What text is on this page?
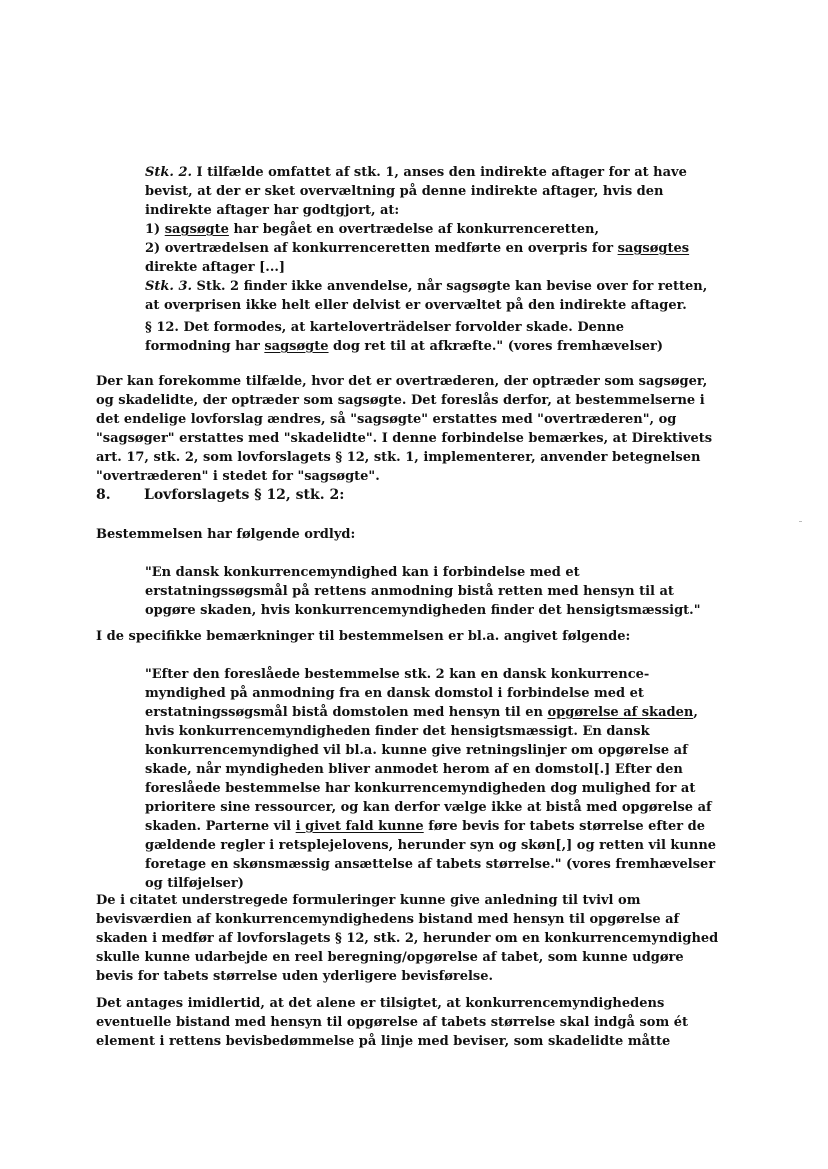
Stk. 2. I tilfælde omfattet af stk. 1, anses den indirekte aftager for at have
bevist, at der er sket overvæltning på denne indirekte aftager, hvis den
indirekte aftager har godtgjort, at:
1) sagsøgte har begået en overtrædelse af konkurrenceretten,
2) overtrædelsen af konkurrenceretten medførte en overpris for sagsøgtes
direkte aftager [...]
Stk. 3. Stk. 2 finder ikke anvendelse, når sagsøgte kan bevise over for retten,
at overprisen ikke helt eller delvist er overvæltet på den indirekte aftager.
§ 12. Det formodes, at karteloverträdelser forvolder skade. Denne
formodning har sagsøgte dog ret til at afkræfte." (vores fremhævelser)
Der kan forekomme tilfælde, hvor det er overtræderen, der optræder som sagsøger,
og skadelidte, der optræder som sagsøgte. Det foreslås derfor, at bestemmelserne i
det endelige lovforslag ændres, så "sagsøgte" erstattes med "overtræderen", og
"sagsøger" erstattes med "skadelidte". I denne forbindelse bemærkes, at Direktivets
art. 17, stk. 2, som lovforslagets § 12, stk. 1, implementerer, anvender betegnelsen
"overtræderen" i stedet for "sagsøgte".
8. Lovforslagets § 12, stk. 2:
Bestemmelsen har følgende ordlyd:
"En dansk konkurrencemyndighed kan i forbindelse med et
erstatningssøgsmål på rettens anmodning bistå retten med hensyn til at
opgøre skaden, hvis konkurrencemyndigheden finder det hensigtsmæssigt."
I de specifikke bemærkninger til bestemmelsen er bl.a. angivet følgende:
"Efter den foreslåede bestemmelse stk. 2 kan en dansk konkurrence-
myndighed på anmodning fra en dansk domstol i forbindelse med et
erstatningssøgsmål bistå domstolen med hensyn til en opgørelse af skaden,
hvis konkurrencemyndigheden finder det hensigtsmæssigt. En dansk
konkurrencemyndighed vil bl.a. kunne give retningslinjer om opgørelse af
skade, når myndigheden bliver anmodet herom af en domstol[.] Efter den
foreslåede bestemmelse har konkurrencemyndigheden dog mulighed for at
prioritere sine ressourcer, og kan derfor vælge ikke at bistå med opgørelse af
skaden. Parterne vil i givet fald kunne føre bevis for tabets størrelse efter de
gældende regler i retsplejelovens, herunder syn og skøn[,] og retten vil kunne
foretage en skønsmæssig ansættelse af tabets størrelse." (vores fremhævelser
og tilføjelser)
De i citatet understregede formuleringer kunne give anledning til tvivl om
bevisværdien af konkurrencemyndighedens bistand med hensyn til opgørelse af
skaden i medfør af lovforslagets § 12, stk. 2, herunder om en konkurrencemyndighed
skulle kunne udarbejde en reel beregning/opgørelse af tabet, som kunne udgøre
bevis for tabets størrelse uden yderligere bevisførelse.
Det antages imidlertid, at det alene er tilsigtet, at konkurrencemyndighedens
eventuelle bistand med hensyn til opgørelse af tabets størrelse skal indgå som ét
element i rettens bevisbedømmelse på linje med beviser, som skadelidte måtte
